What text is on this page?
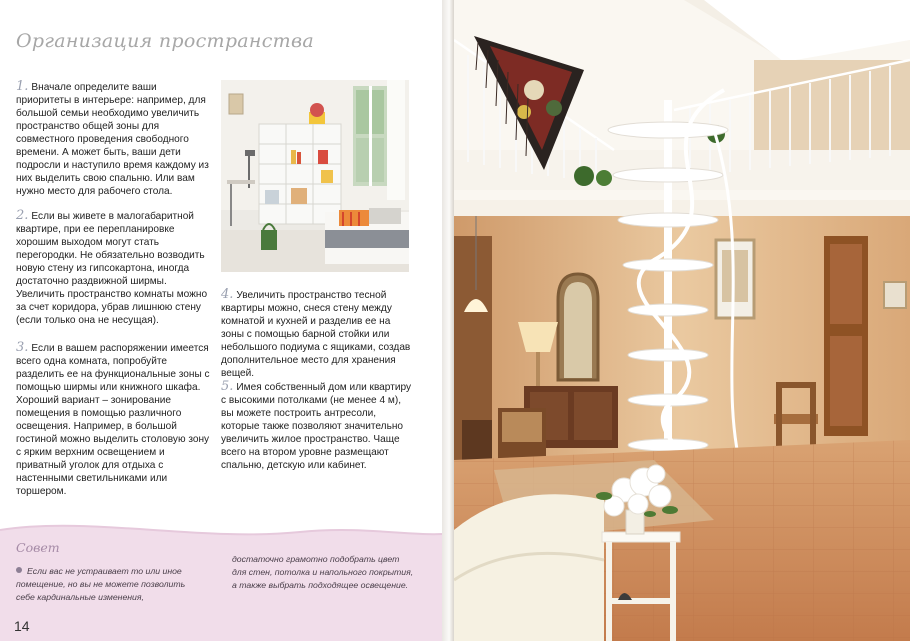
Организация пространства

1. Вначале определите ваши приоритеты в интерьере: например, для большой семьи необходимо увеличить пространство общей зоны для совместного проведения свободного времени. А может быть, ваши дети подросли и наступило время каждому из них выделить свою спальню. Или вам нужно место для рабочего стола.

2. Если вы живете в малогабаритной квартире, при ее перепланировке хорошим выходом могут стать перегородки. Не обязательно возводить новую стену из гипсокартона, иногда достаточно раздвижной ширмы. Увеличить пространство комнаты можно за счет коридора, убрав лишнюю стену (если только она не несущая).

3. Если в вашем распоряжении имеется всего одна комната, попробуйте разделить ее на функциональные зоны с помощью ширмы или книжного шкафа. Хороший вариант – зонирование помещения в помощью различного освещения. Например, в большой гостиной можно выделить столовую зону с ярким верхним освещением и приватный уголок для отдыха с настенными светильниками или торшером.

4. Увеличить пространство тесной квартиры можно, снеся стену между комнатой и кухней и разделив ее на зоны с помощью барной стойки или небольшого подиума с ящиками, создав дополнительное место для хранения вещей.

5. Имея собственный дом или квартиру с высокими потолками (не менее 4 м), вы можете построить антресоли, которые также позволяют значительно увеличить жилое пространство. Чаще всего на втором уровне размещают спальню, детскую или кабинет.

Совет

Если вас не устраивает то или иное помещение, но вы не можете позволить себе кардинальные изменения,

достаточно грамотно подобрать цвет для стен, потолка и напольного покрытия, а также выбрать подходящее освещение.

14
